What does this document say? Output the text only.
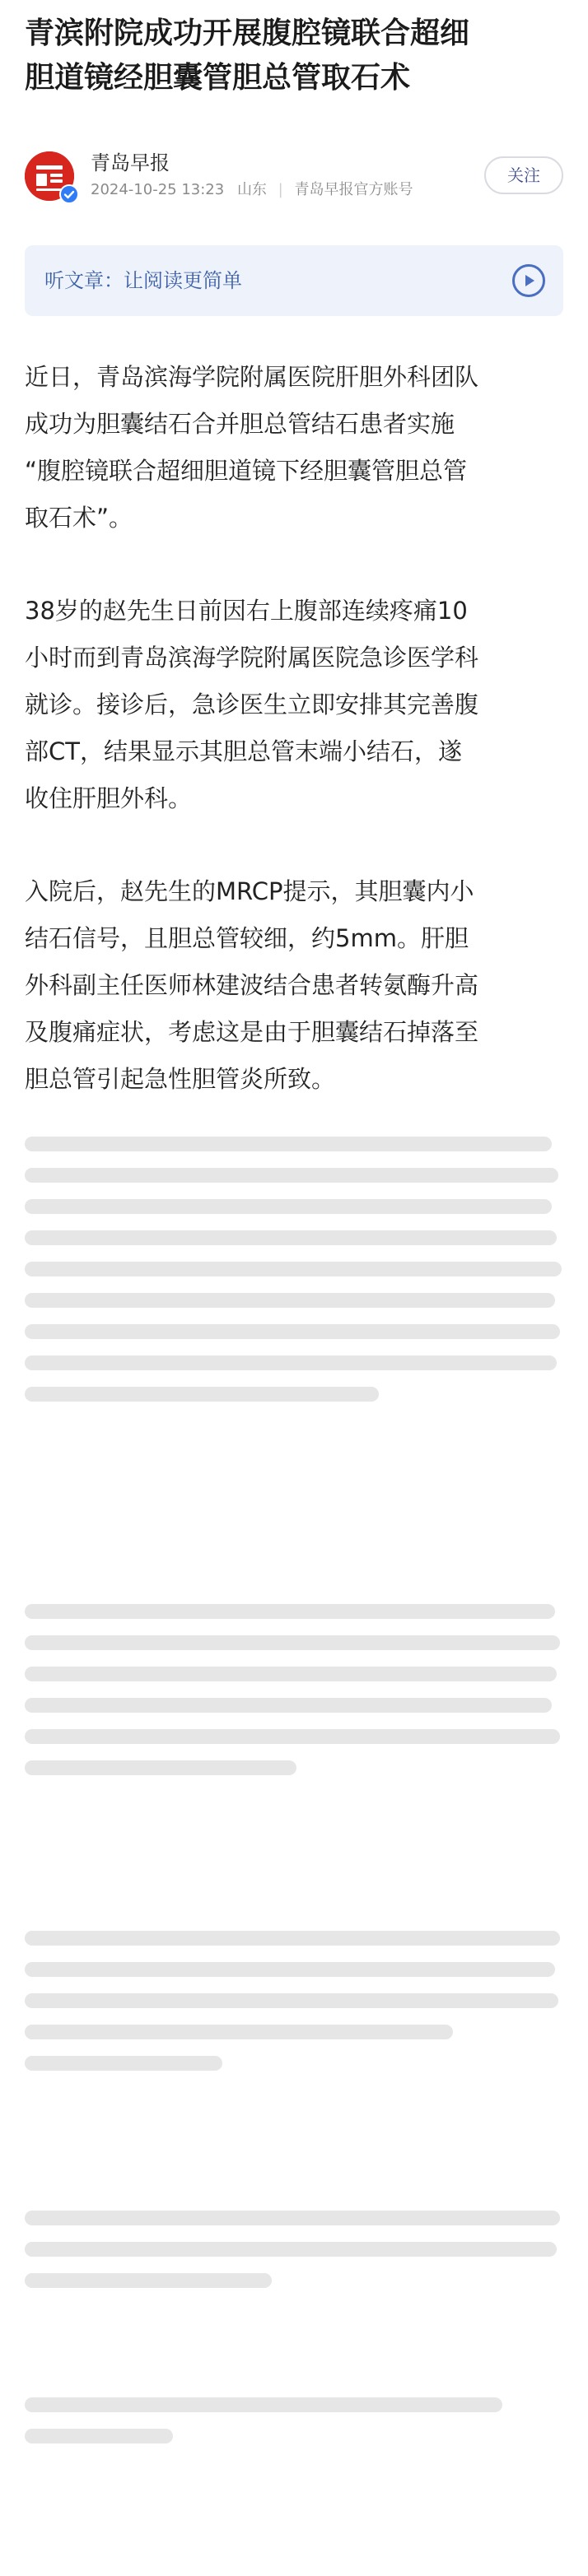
青滨附院成功开展腹腔镜联合超细
胆道镜经胆囊管胆总管取石术
青岛早报
2024-10-25 13:23 山东 | 青岛早报官方账号
关注
听文章：让阅读更简单

近日，青岛滨海学院附属医院肝胆外科团队

成功为胆囊结石合并胆总管结石患者实施

“腹腔镜联合超细胆道镜下经胆囊管胆总管

取石术”。

38岁的赵先生日前因右上腹部连续疼痛10

小时而到青岛滨海学院附属医院急诊医学科

就诊。接诊后，急诊医生立即安排其完善腹

部CT，结果显示其胆总管末端小结石，遂

收住肝胆外科。

入院后，赵先生的MRCP提示，其胆囊内小

结石信号，且胆总管较细，约5mm。肝胆

外科副主任医师林建波结合患者转氨酶升高

及腹痛症状，考虑这是由于胆囊结石掉落至

胆总管引起急性胆管炎所致。
